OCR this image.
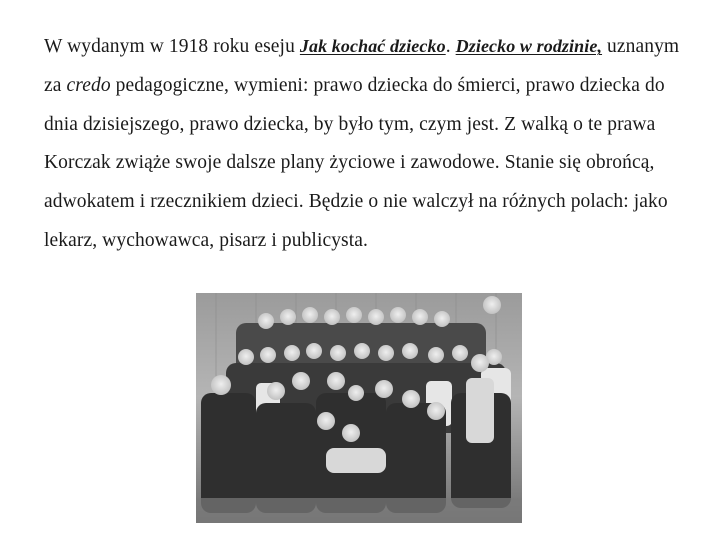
W wydanym w 1918 roku eseju Jak kochać dziecko. Dziecko w rodzinie, uznanym za credo pedagogiczne, wymieni: prawo dziecka do śmierci, prawo dziecka do dnia dzisiejszego, prawo dziecka, by było tym, czym jest. Z walką o te prawa Korczak zwiąże swoje dalsze plany życiowe i zawodowe. Stanie się obrońcą, adwokatem i rzecznikiem dzieci. Będzie o nie walczył na różnych polach: jako lekarz, wychowawca, pisarz i publicysta.
